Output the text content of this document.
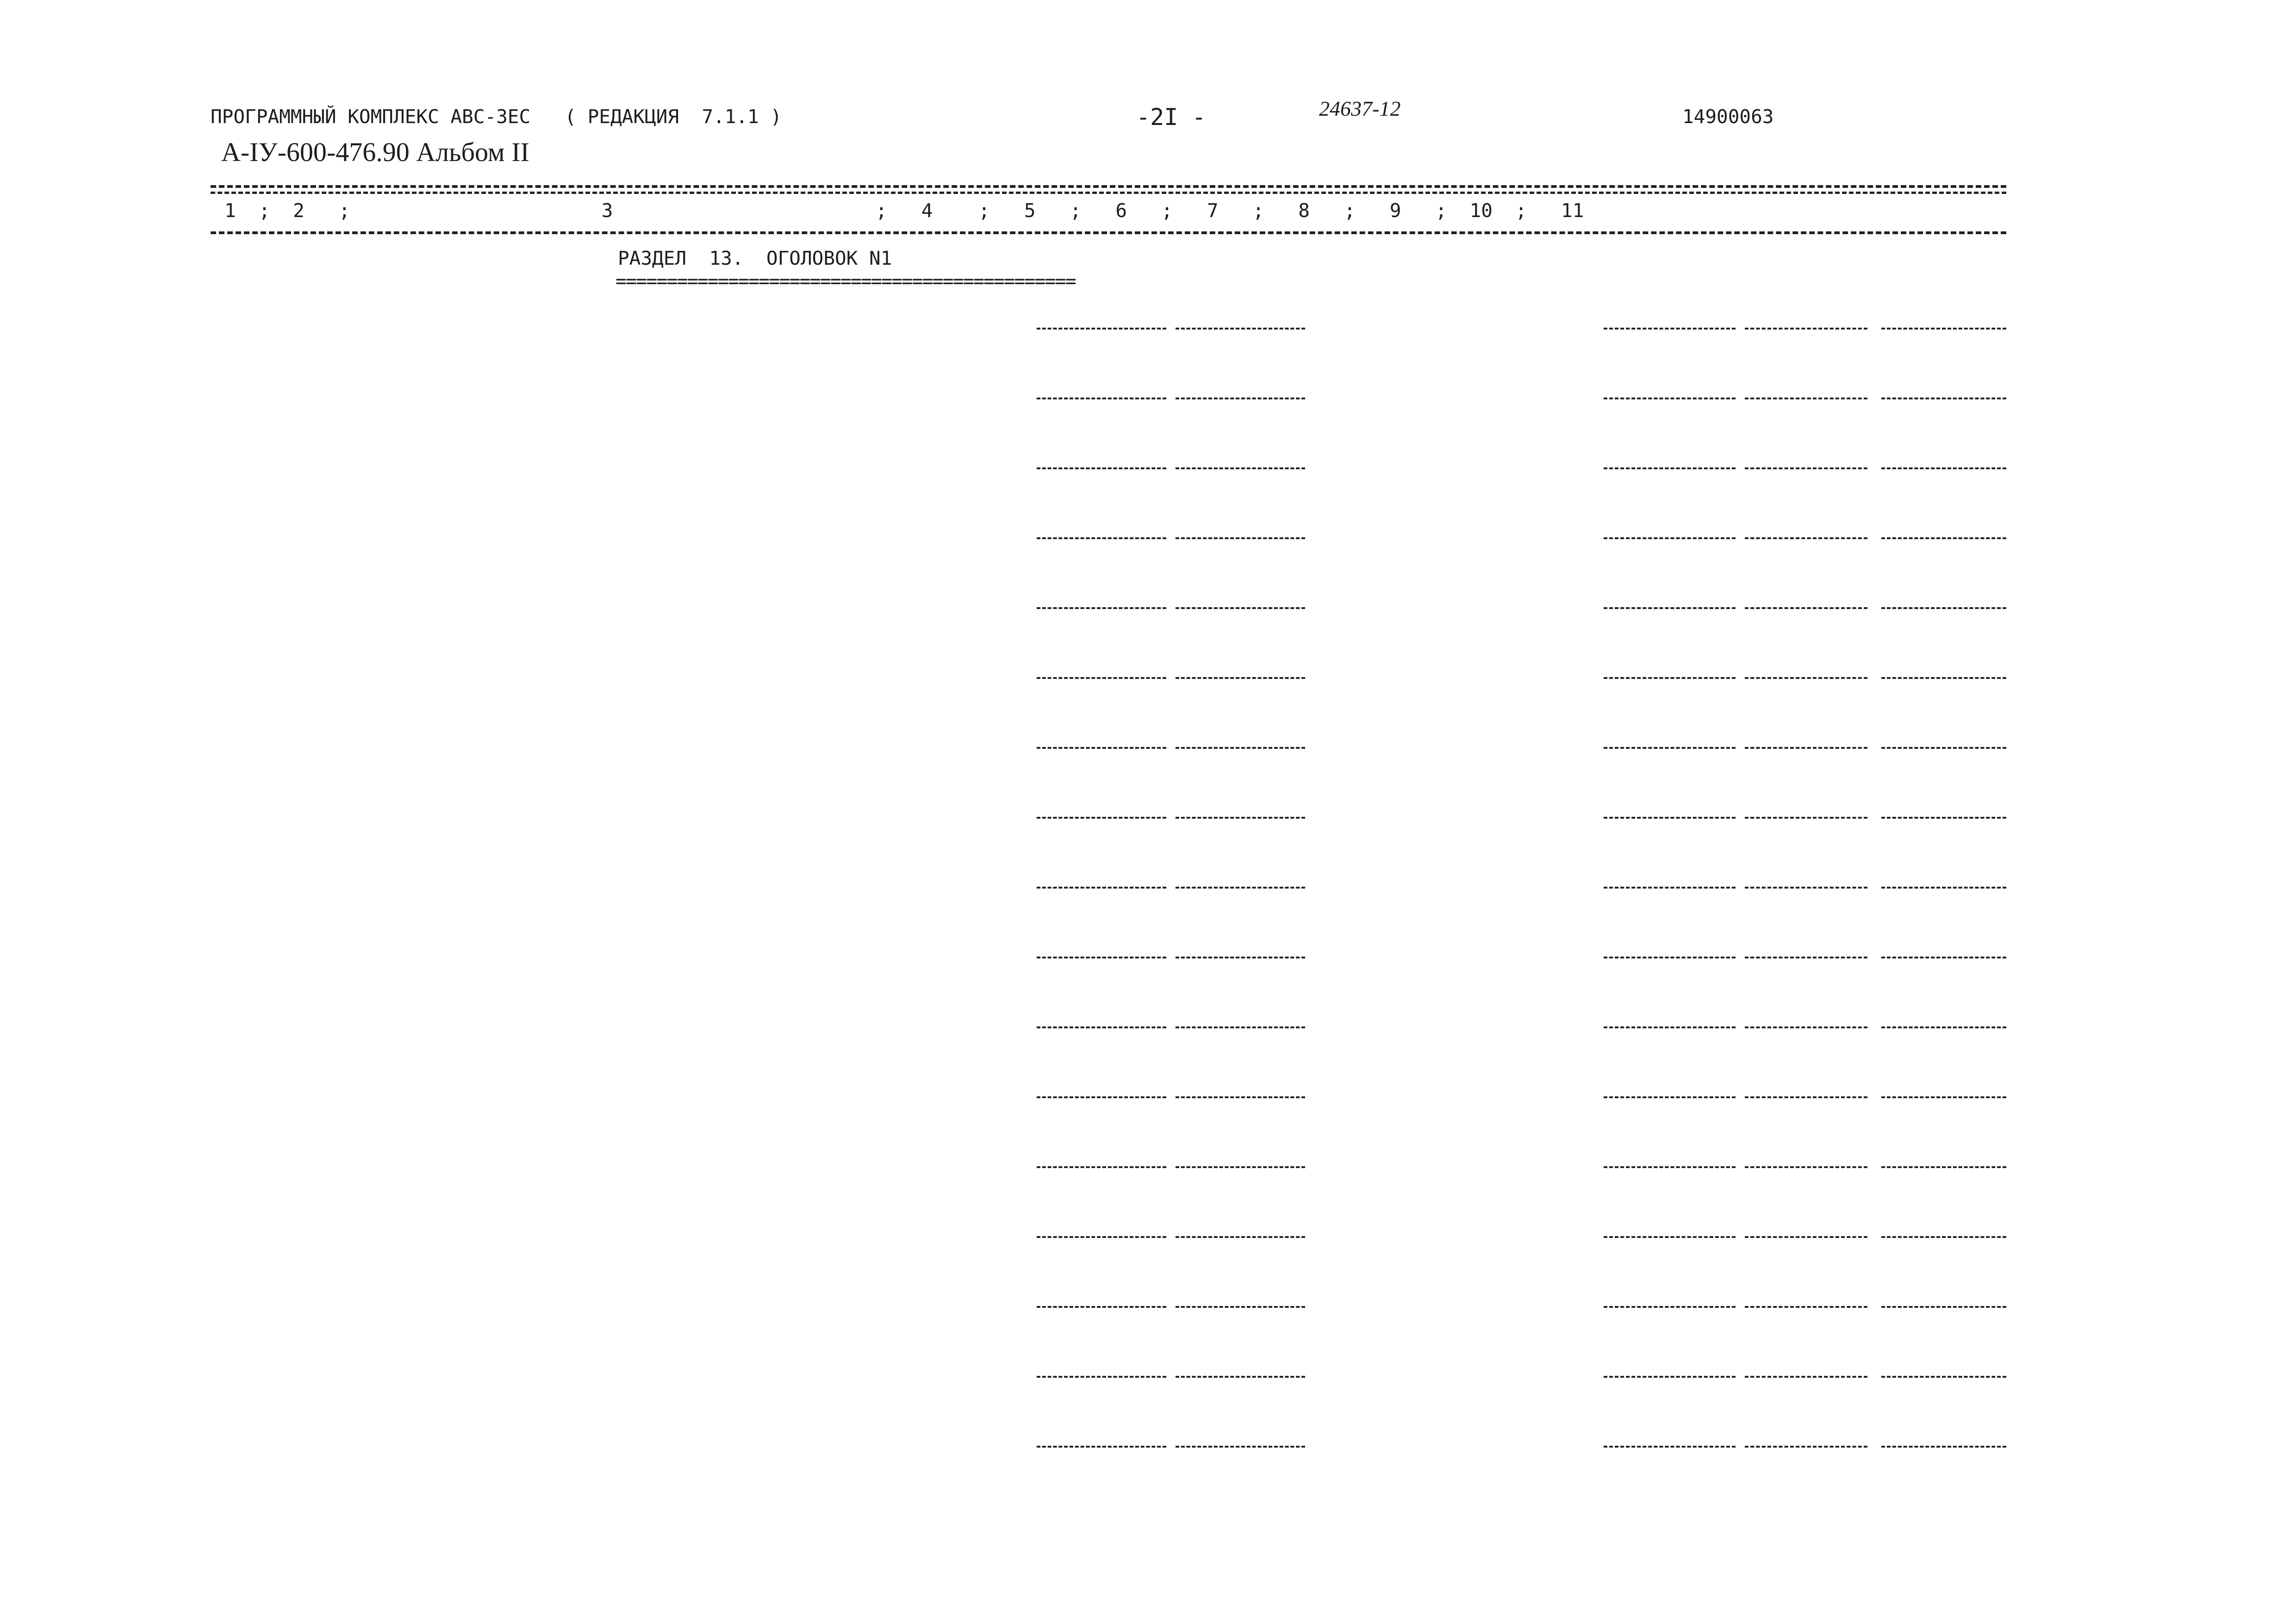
ПРОГРАММНЫЙ КОМПЛЕКС АВС-3ЕС   ( РЕДАКЦИЯ  7.1.1 )	-2I -	24637-12	14900063
А-IУ-600-476.90 Альбом II
1  ;  2   ;                      3                       ;   4    ;   5   ;   6   ;   7   ;   8   ;   9   ;  10  ;   11
РАЗДЕЛ  13.  ОГОЛОВОК N1
=============================================
